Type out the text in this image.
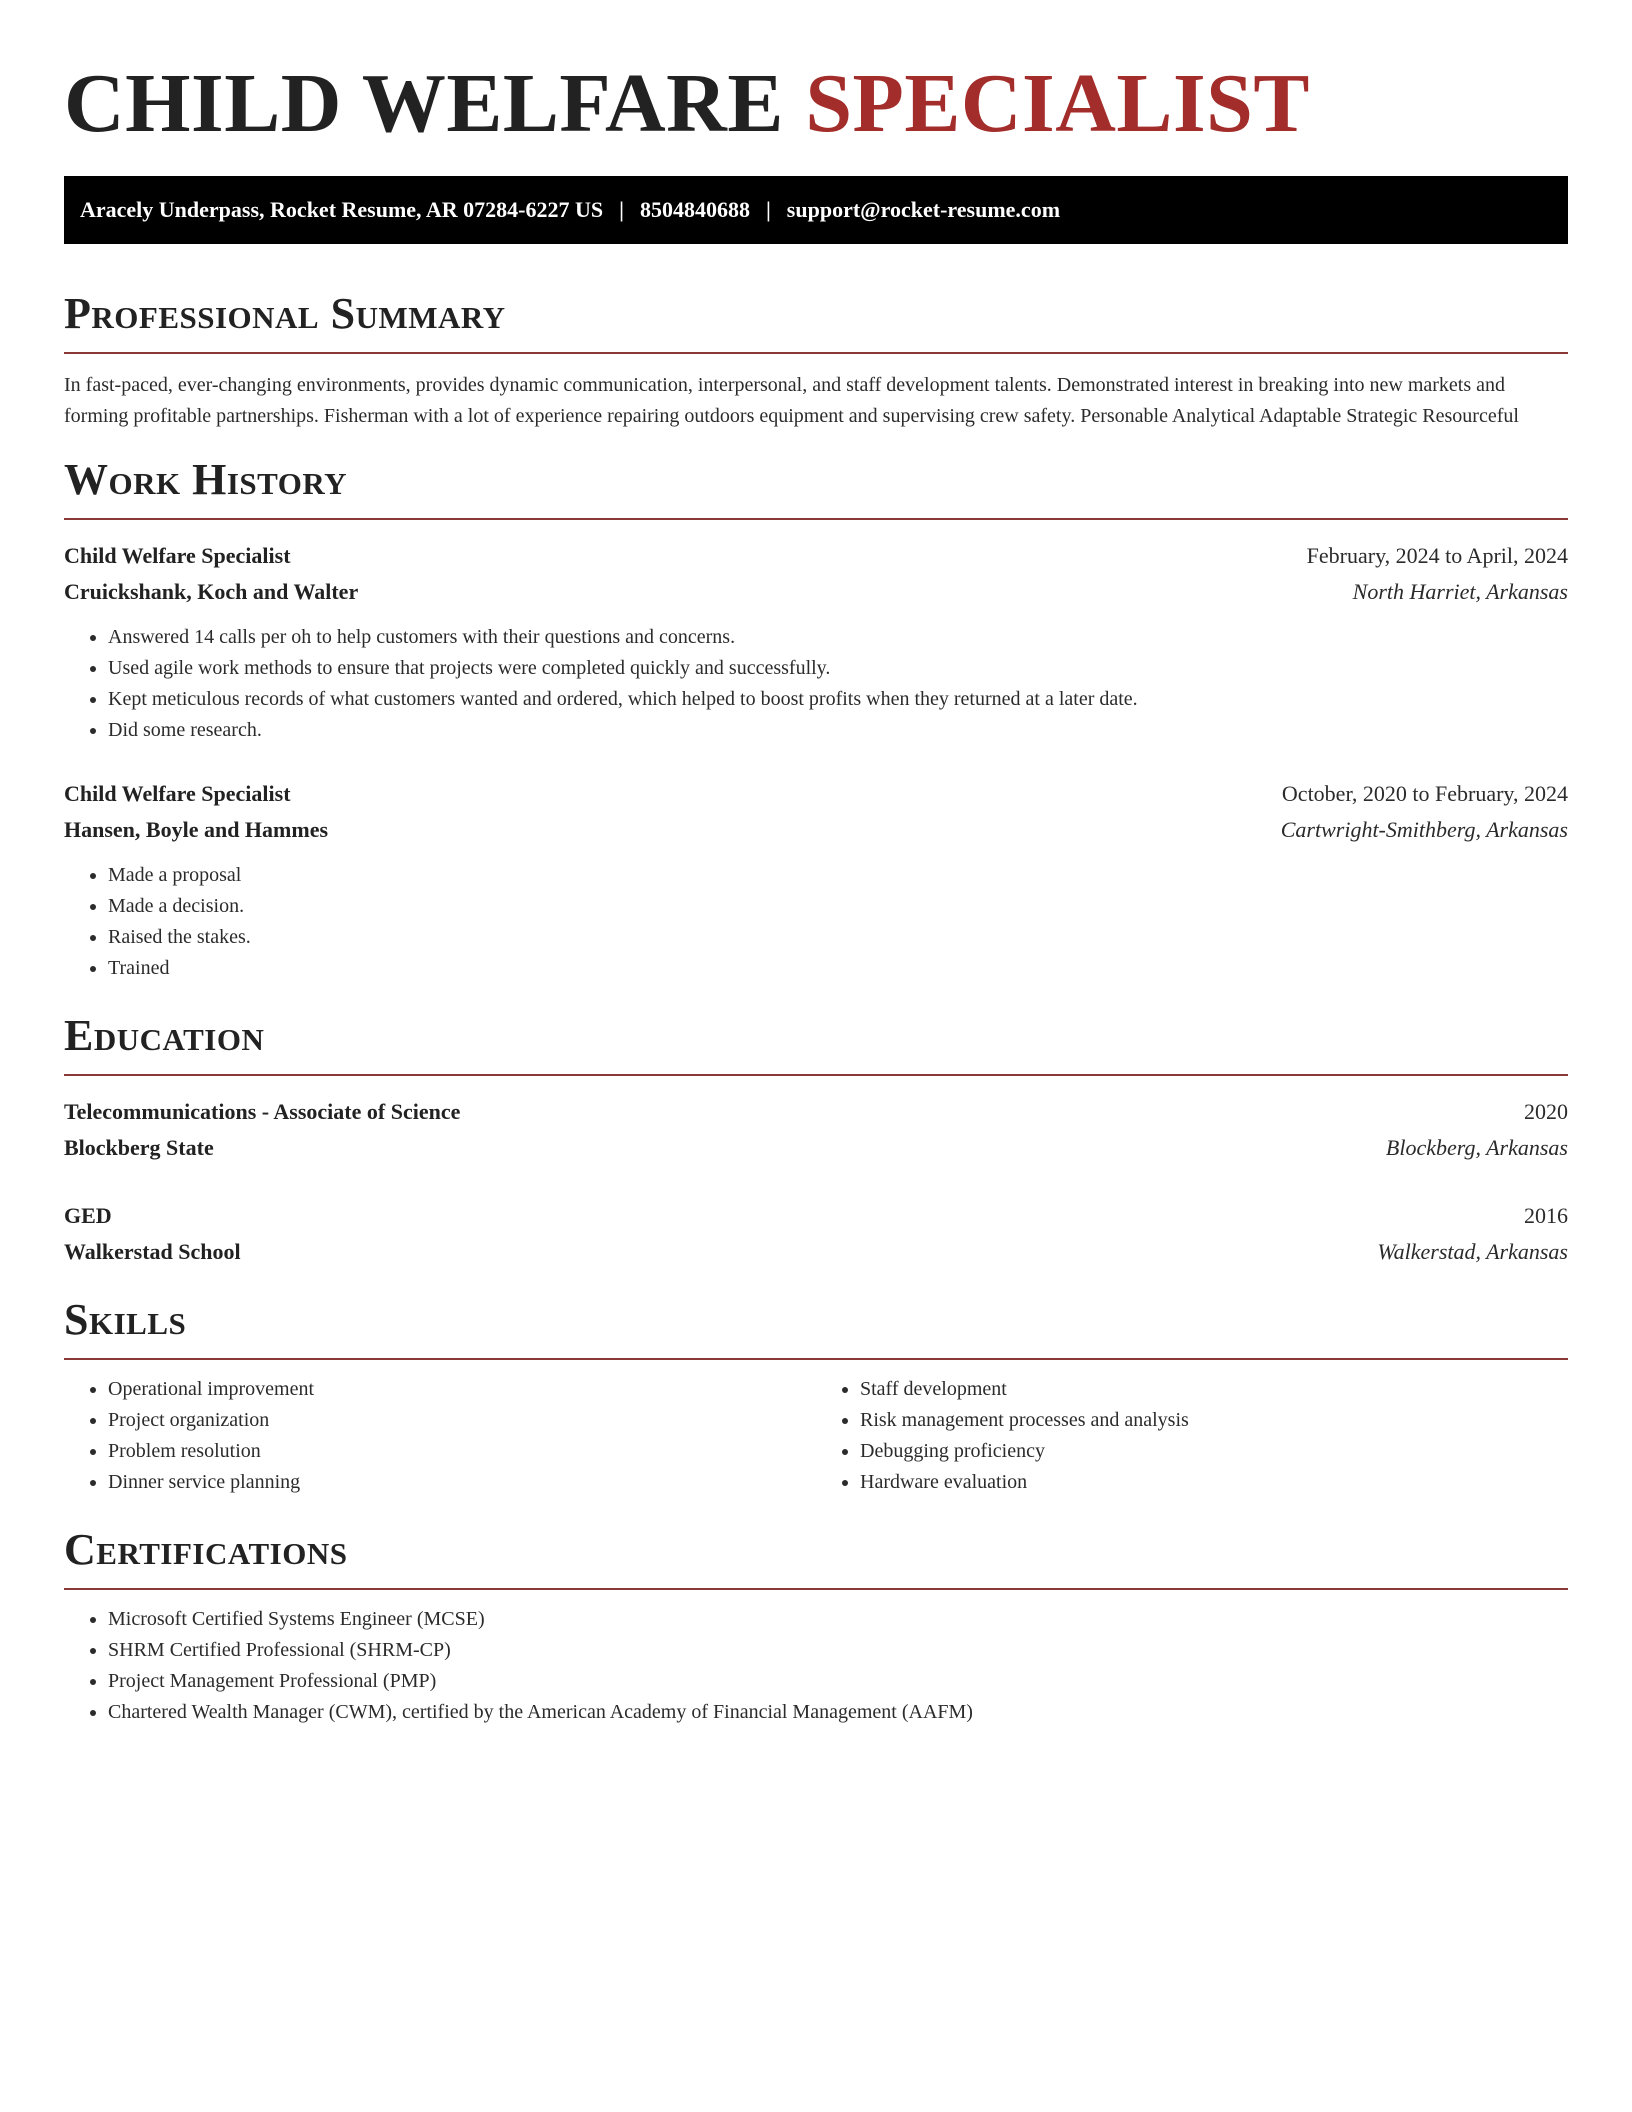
CHILD WELFARE SPECIALIST
Aracely Underpass, Rocket Resume, AR 07284-6227 US | 8504840688 | support@rocket-resume.com
Professional Summary

In fast-paced, ever-changing environments, provides dynamic communication, interpersonal, and staff development talents. Demonstrated interest in breaking into new markets and forming profitable partnerships. Fisherman with a lot of experience repairing outdoors equipment and supervising crew safety. Personable Analytical Adaptable Strategic Resourceful

Work History
Child Welfare Specialist	February, 2024 to April, 2024
Cruickshank, Koch and Walter	North Harriet, Arkansas
• Answered 14 calls per oh to help customers with their questions and concerns.
• Used agile work methods to ensure that projects were completed quickly and successfully.
• Kept meticulous records of what customers wanted and ordered, which helped to boost profits when they returned at a later date.
• Did some research.
Child Welfare Specialist	October, 2020 to February, 2024
Hansen, Boyle and Hammes	Cartwright-Smithberg, Arkansas
• Made a proposal
• Made a decision.
• Raised the stakes.
• Trained
Education
Telecommunications - Associate of Science	2020
Blockberg State	Blockberg, Arkansas
GED	2016
Walkerstad School	Walkerstad, Arkansas
Skills
• Operational improvement
• Project organization
• Problem resolution
• Dinner service planning
• Staff development
• Risk management processes and analysis
• Debugging proficiency
• Hardware evaluation
Certifications
• Microsoft Certified Systems Engineer (MCSE)
• SHRM Certified Professional (SHRM-CP)
• Project Management Professional (PMP)
• Chartered Wealth Manager (CWM), certified by the American Academy of Financial Management (AAFM)
